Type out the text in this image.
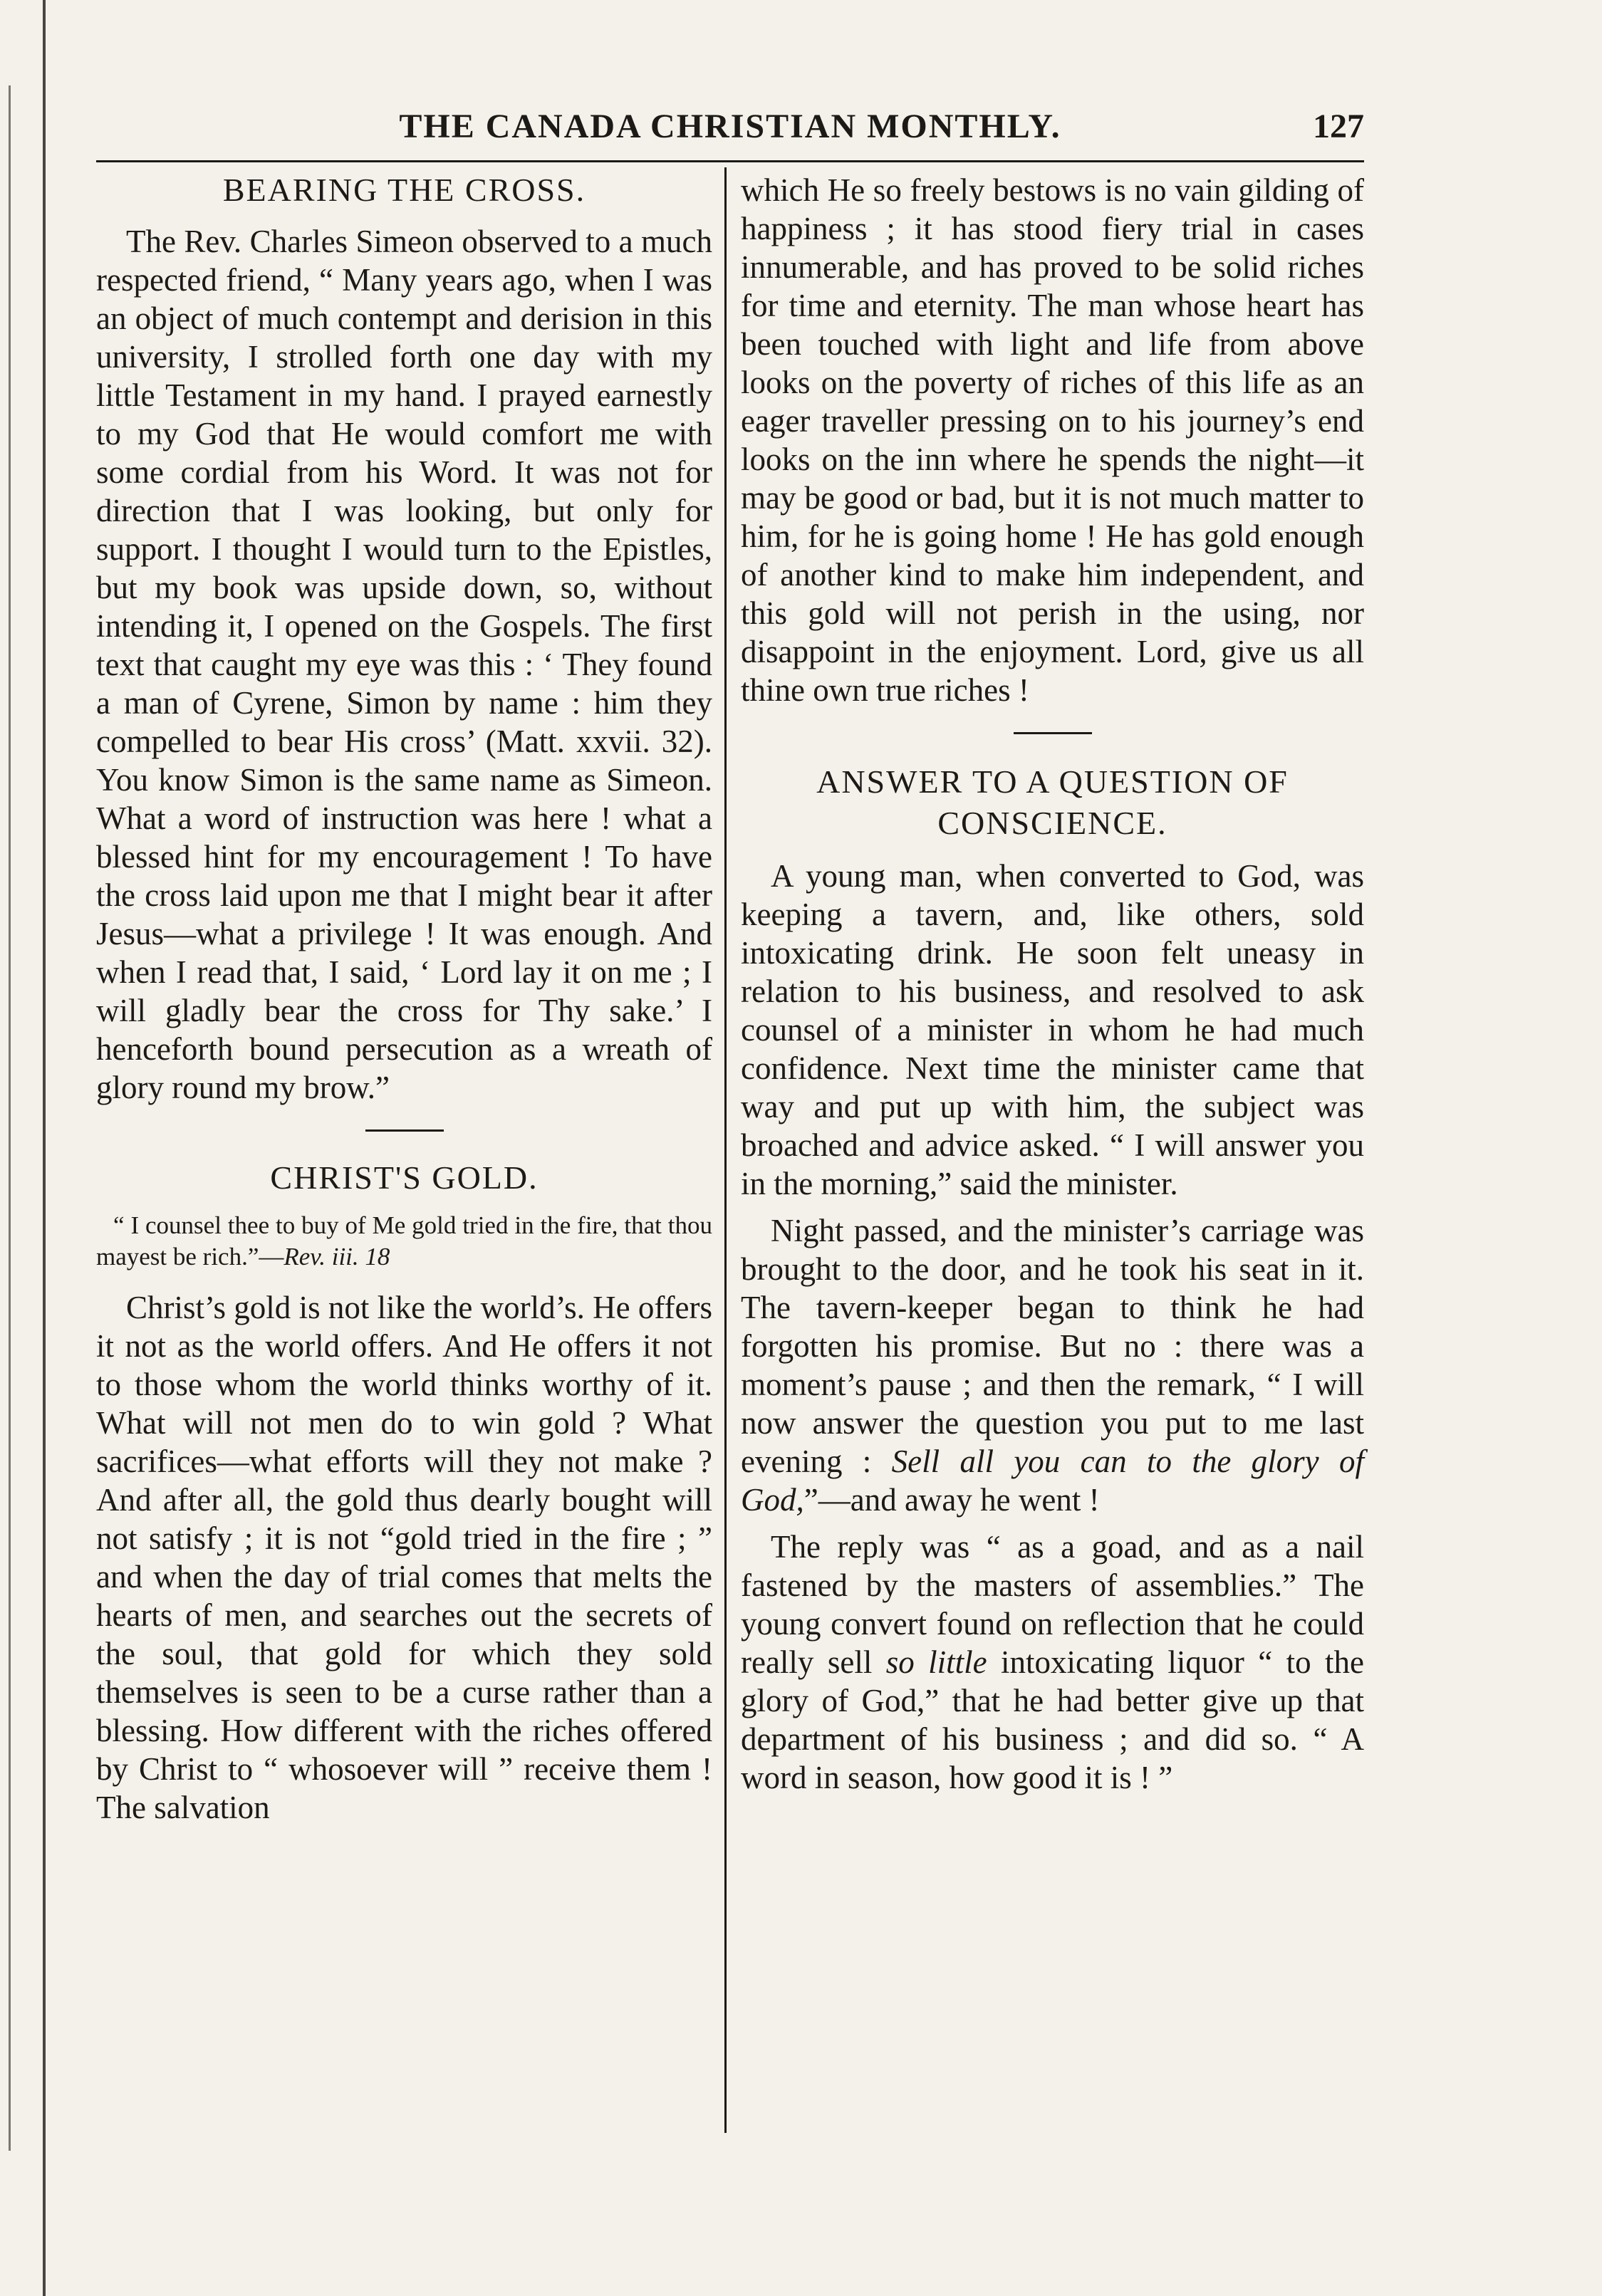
THE CANADA CHRISTIAN MONTHLY.	127
BEARING THE CROSS.

The Rev. Charles Simeon observed to a much respected friend, “ Many years ago, when I was an object of much contempt and derision in this university, I strolled forth one day with my little Testament in my hand. I prayed earnestly to my God that He would comfort me with some cordial from his Word. It was not for direction that I was looking, but only for support. I thought I would turn to the Epistles, but my book was upside down, so, without intending it, I opened on the Gospels. The first text that caught my eye was this : ‘ They found a man of Cyrene, Simon by name : him they compelled to bear His cross’ (Matt. xxvii. 32). You know Simon is the same name as Simeon. What a word of instruction was here ! what a blessed hint for my encouragement ! To have the cross laid upon me that I might bear it after Jesus—what a privilege ! It was enough. And when I read that, I said, ‘ Lord lay it on me ; I will gladly bear the cross for Thy sake.’ I henceforth bound persecution as a wreath of glory round my brow.”

CHRIST'S GOLD.
“ I counsel thee to buy of Me gold tried in the fire, that thou mayest be rich.”—Rev. iii. 18

Christ’s gold is not like the world’s. He offers it not as the world offers. And He offers it not to those whom the world thinks worthy of it. What will not men do to win gold ? What sacrifices—what efforts will they not make ? And after all, the gold thus dearly bought will not satisfy ; it is not “gold tried in the fire ; ” and when the day of trial comes that melts the hearts of men, and searches out the secrets of the soul, that gold for which they sold themselves is seen to be a curse rather than a blessing. How different with the riches offered by Christ to “ whosoever will ” receive them ! The salvation

which He so freely bestows is no vain gilding of happiness ; it has stood fiery trial in cases innumerable, and has proved to be solid riches for time and eternity. The man whose heart has been touched with light and life from above looks on the poverty of riches of this life as an eager traveller pressing on to his journey’s end looks on the inn where he spends the night—it may be good or bad, but it is not much matter to him, for he is going home ! He has gold enough of another kind to make him independent, and this gold will not perish in the using, nor disappoint in the enjoyment. Lord, give us all thine own true riches !

ANSWER TO A QUESTION OF
CONSCIENCE.

A young man, when converted to God, was keeping a tavern, and, like others, sold intoxicating drink. He soon felt uneasy in relation to his business, and resolved to ask counsel of a minister in whom he had much confidence. Next time the minister came that way and put up with him, the subject was broached and advice asked. “ I will answer you in the morning,” said the minister.

Night passed, and the minister’s carriage was brought to the door, and he took his seat in it. The tavern-keeper began to think he had forgotten his promise. But no : there was a moment’s pause ; and then the remark, “ I will now answer the question you put to me last evening : Sell all you can to the glory of God,”—and away he went !

The reply was “ as a goad, and as a nail fastened by the masters of assemblies.” The young convert found on reflection that he could really sell so little intoxicating liquor “ to the glory of God,” that he had better give up that department of his business ; and did so. “ A word in season, how good it is ! ”
